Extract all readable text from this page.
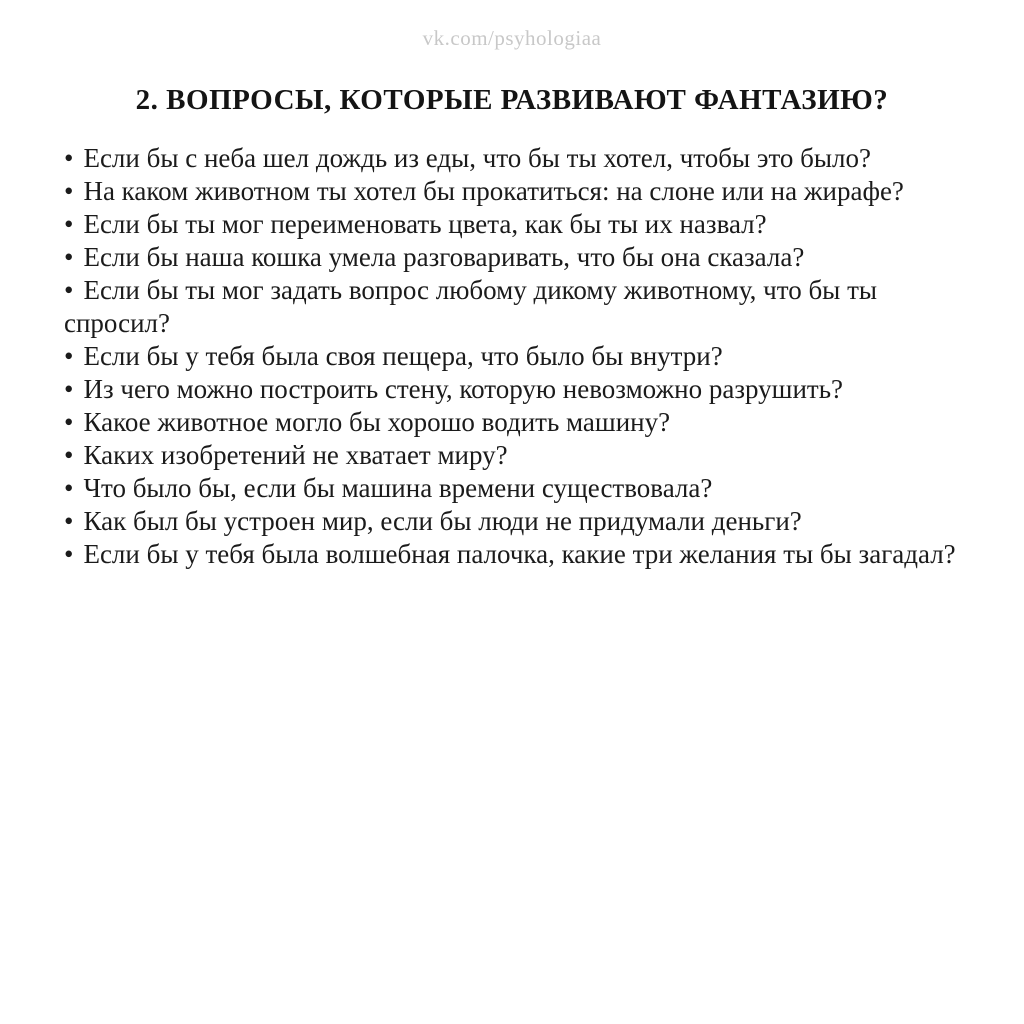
vk.com/psyhologiaa
2. ВОПРОСЫ, КОТОРЫЕ РАЗВИВАЮТ ФАНТАЗИЮ?
• Если бы с неба шел дождь из еды, что бы ты хотел, чтобы это было?
• На каком животном ты хотел бы прокатиться: на слоне или на жирафе?
• Если бы ты мог переименовать цвета, как бы ты их назвал?
• Если бы наша кошка умела разговаривать, что бы она сказала?
• Если бы ты мог задать вопрос любому дикому животному, что бы ты спросил?
• Если бы у тебя была своя пещера, что было бы внутри?
• Из чего можно построить стену, которую невозможно разрушить?
• Какое животное могло бы хорошо водить машину?
• Каких изобретений не хватает миру?
• Что было бы, если бы машина времени существовала?
• Как был бы устроен мир, если бы люди не придумали деньги?
• Если бы у тебя была волшебная палочка, какие три желания ты бы загадал?
